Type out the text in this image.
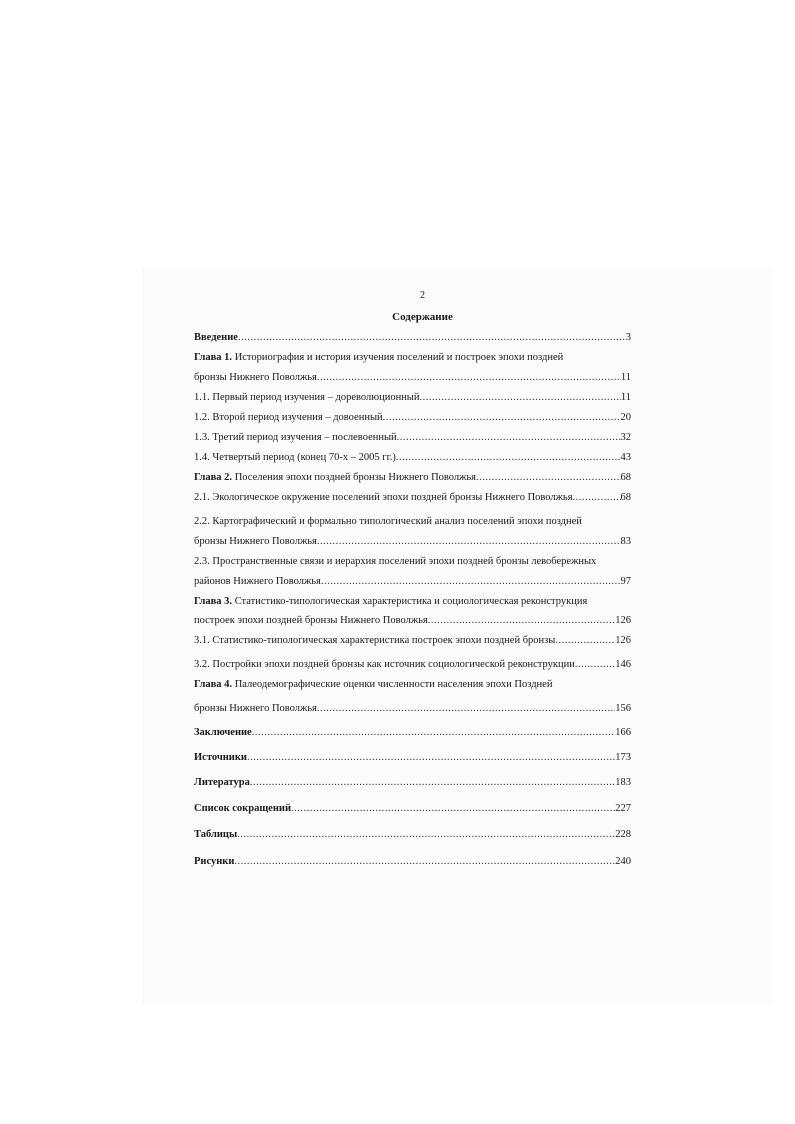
2
Содержание
Введение .....	3
Глава 1. Историография и история изучения поселений и построек эпохи поздней
бронзы Нижнего Поволжья .....	11
1.1. Первый период изучения – дореволюционный .....	11
1.2. Второй период изучения – довоенный .....	20
1.3. Третий период изучения – послевоенный .....	32
1.4. Четвертый период (конец 70-х – 2005 гг.) .....	43
Глава 2. Поселения эпохи поздней бронзы Нижнего Поволжья .....	68
2.1. Экологическое окружение поселений эпохи поздней бронзы Нижнего Поволжья .....	68
2.2. Картографический и формально типологический анализ поселений эпохи поздней
бронзы Нижнего Поволжья .....	83
2.3. Пространственные связи и иерархия поселений эпохи поздней бронзы левобережных
районов Нижнего Поволжья .....	97
Глава 3. Статистико-типологическая характеристика и социологическая реконструкция
построек эпохи поздней бронзы Нижнего Поволжья .....	126
3.1. Статистико-типологическая характеристика построек эпохи поздней бронзы .....	126
3.2. Постройки эпохи поздней бронзы как источник социологической реконструкции .....	146
Глава 4. Палеодемографические оценки численности населения эпохи Поздней
бронзы Нижнего Поволжья .....	156
Заключение .....	166
Источники .....	173
Литература .....	183
Список сокращений .....	227
Таблицы .....	228
Рисунки .....	240
